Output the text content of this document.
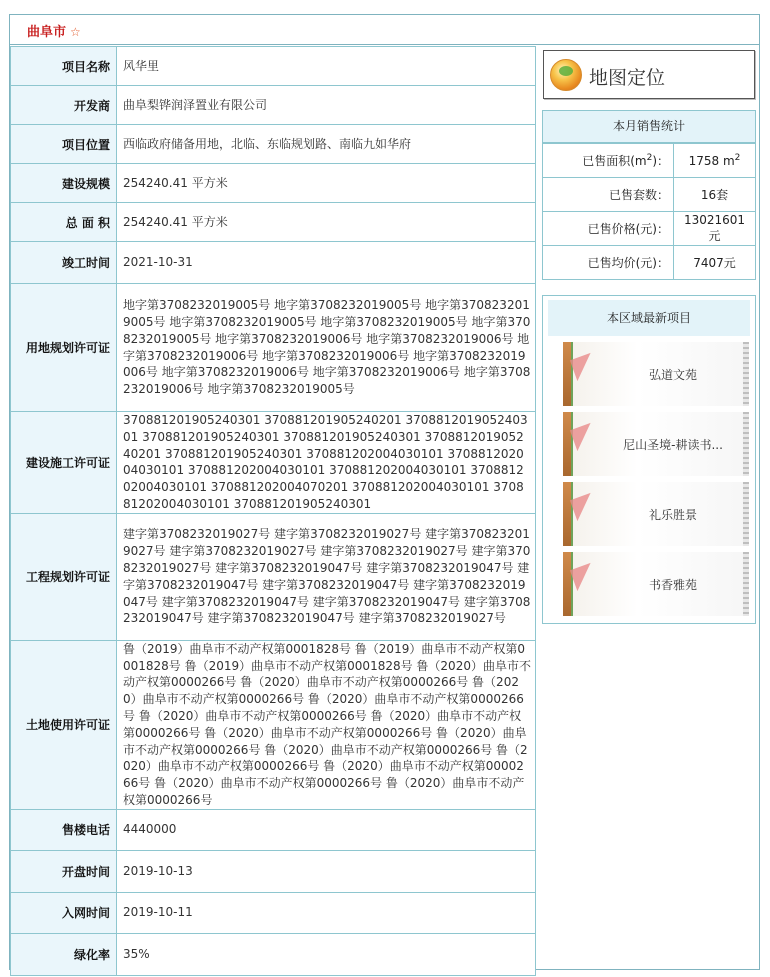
曲阜市 ☆
项目名称	风华里
开发商	曲阜梨铧润泽置业有限公司
项目位置	西临政府储备用地，北临、东临规划路、南临九如华府
建设规模	254240.41 平方米
总 面 积	254240.41 平方米
竣工时间	2021-10-31
用地规划许可证	地字第3708232019005号 地字第3708232019005号 地字第3708232019005号 地字第3708232019005号 地字第3708232019005号 地字第3708232019005号 地字第3708232019006号 地字第3708232019006号 地字第3708232019006号 地字第3708232019006号 地字第3708232019006号 地字第3708232019006号 地字第3708232019006号 地字第3708232019006号 地字第3708232019005号
建设施工许可证	370881201905240301 370881201905240201 370881201905240301 370881201905240301 370881201905240301 370881201905240201 370881201905240301 370881202004030101 370881202004030101 370881202004030101 370881202004030101 370881202004030101 370881202004070201 370881202004030101 370881202004030101 370881201905240301
工程规划许可证	建字第3708232019027号 建字第3708232019027号 建字第3708232019027号 建字第3708232019027号 建字第3708232019027号 建字第3708232019027号 建字第3708232019047号 建字第3708232019047号 建字第3708232019047号 建字第3708232019047号 建字第3708232019047号 建字第3708232019047号 建字第3708232019047号 建字第3708232019047号 建字第3708232019047号 建字第3708232019027号
土地使用许可证	鲁（2019）曲阜市不动产权第0001828号 鲁（2019）曲阜市不动产权第0001828号 鲁（2019）曲阜市不动产权第0001828号 鲁（2020）曲阜市不动产权第0000266号 鲁（2020）曲阜市不动产权第0000266号 鲁（2020）曲阜市不动产权第0000266号 鲁（2020）曲阜市不动产权第0000266号 鲁（2020）曲阜市不动产权第0000266号 鲁（2020）曲阜市不动产权第0000266号 鲁（2020）曲阜市不动产权第0000266号 鲁（2020）曲阜市不动产权第0000266号 鲁（2020）曲阜市不动产权第0000266号 鲁（2020）曲阜市不动产权第0000266号 鲁（2020）曲阜市不动产权第0000266号 鲁（2020）曲阜市不动产权第0000266号 鲁（2020）曲阜市不动产权第0000266号
售楼电话	4440000
开盘时间	2019-10-13
入网时间	2019-10-11
绿化率	35%
地图定位
本月销售统计
已售面积$(m^2)$：	1758 $m^2$
已售套数：	16套
已售价格(元)：	13021601元
已售均价(元)：	7407元
本区域最新项目
弘道文苑
尼山圣境-耕读书...
礼乐胜景
书香雅苑
